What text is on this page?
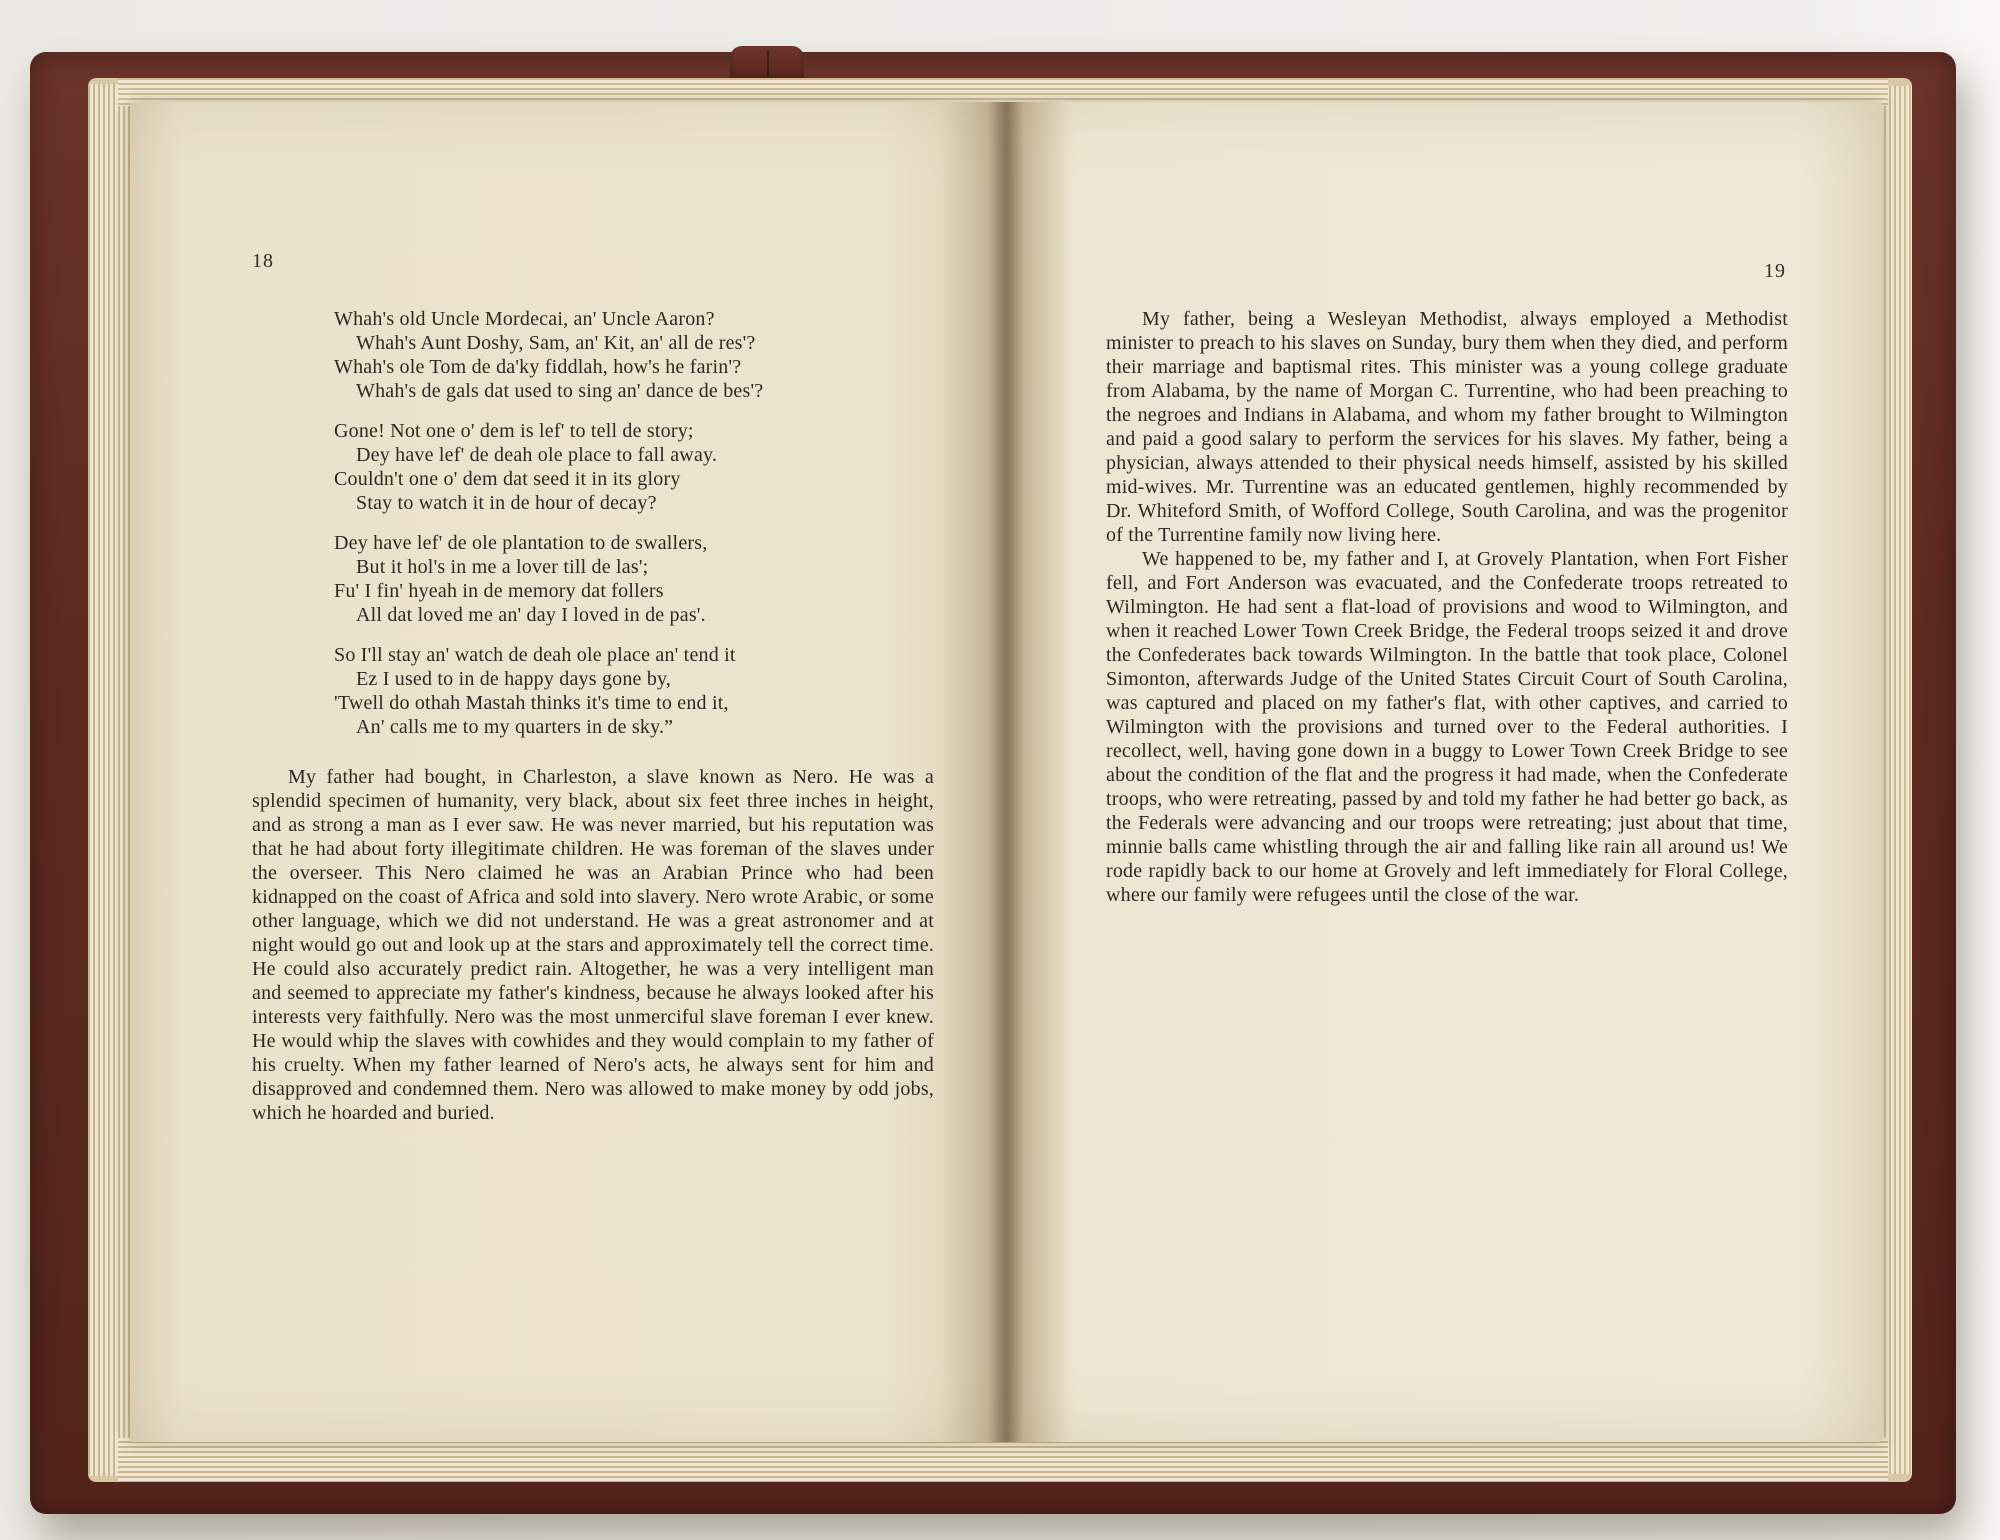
18
Whah's old Uncle Mordecai, an' Uncle Aaron?
Whah's Aunt Doshy, Sam, an' Kit, an' all de res'?
Whah's ole Tom de da'ky fiddlah, how's he farin'?
Whah's de gals dat used to sing an' dance de bes'?
Gone! Not one o' dem is lef' to tell de story;
Dey have lef' de deah ole place to fall away.
Couldn't one o' dem dat seed it in its glory
Stay to watch it in de hour of decay?
Dey have lef' de ole plantation to de swallers,
But it hol's in me a lover till de las';
Fu' I fin' hyeah in de memory dat follers
All dat loved me an' day I loved in de pas'.
So I'll stay an' watch de deah ole place an' tend it
Ez I used to in de happy days gone by,
'Twell do othah Mastah thinks it's time to end it,
An' calls me to my quarters in de sky.”

My father had bought, in Charleston, a slave known as Nero. He was a splendid specimen of humanity, very black, about six feet three inches in height, and as strong a man as I ever saw. He was never married, but his reputation was that he had about forty illegitimate children. He was foreman of the slaves under the overseer. This Nero claimed he was an Arabian Prince who had been kidnapped on the coast of Africa and sold into slavery. Nero wrote Arabic, or some other language, which we did not understand. He was a great astronomer and at night would go out and look up at the stars and approximately tell the correct time. He could also accurately predict rain. Altogether, he was a very intelligent man and seemed to appreciate my father's kindness, because he always looked after his interests very faithfully. Nero was the most unmerciful slave foreman I ever knew. He would whip the slaves with cowhides and they would complain to my father of his cruelty. When my father learned of Nero's acts, he always sent for him and disapproved and condemned them. Nero was allowed to make money by odd jobs, which he hoarded and buried.

19

My father, being a Wesleyan Methodist, always employed a Methodist minister to preach to his slaves on Sunday, bury them when they died, and perform their marriage and baptismal rites. This minister was a young college graduate from Alabama, by the name of Morgan C. Turrentine, who had been preaching to the negroes and Indians in Alabama, and whom my father brought to Wilmington and paid a good salary to perform the services for his slaves. My father, being a physician, always attended to their physical needs himself, assisted by his skilled mid-wives. Mr. Turrentine was an educated gentlemen, highly recommended by Dr. Whiteford Smith, of Wofford College, South Carolina, and was the progenitor of the Turrentine family now living here.

We happened to be, my father and I, at Grovely Plantation, when Fort Fisher fell, and Fort Anderson was evacuated, and the Confederate troops retreated to Wilmington. He had sent a flat-load of provisions and wood to Wilmington, and when it reached Lower Town Creek Bridge, the Federal troops seized it and drove the Confederates back towards Wilmington. In the battle that took place, Colonel Simonton, afterwards Judge of the United States Circuit Court of South Carolina, was captured and placed on my father's flat, with other captives, and carried to Wilmington with the provisions and turned over to the Federal authorities. I recollect, well, having gone down in a buggy to Lower Town Creek Bridge to see about the condition of the flat and the progress it had made, when the Confederate troops, who were retreating, passed by and told my father he had better go back, as the Federals were advancing and our troops were retreating; just about that time, minnie balls came whistling through the air and falling like rain all around us! We rode rapidly back to our home at Grovely and left immediately for Floral College, where our family were refugees until the close of the war.
